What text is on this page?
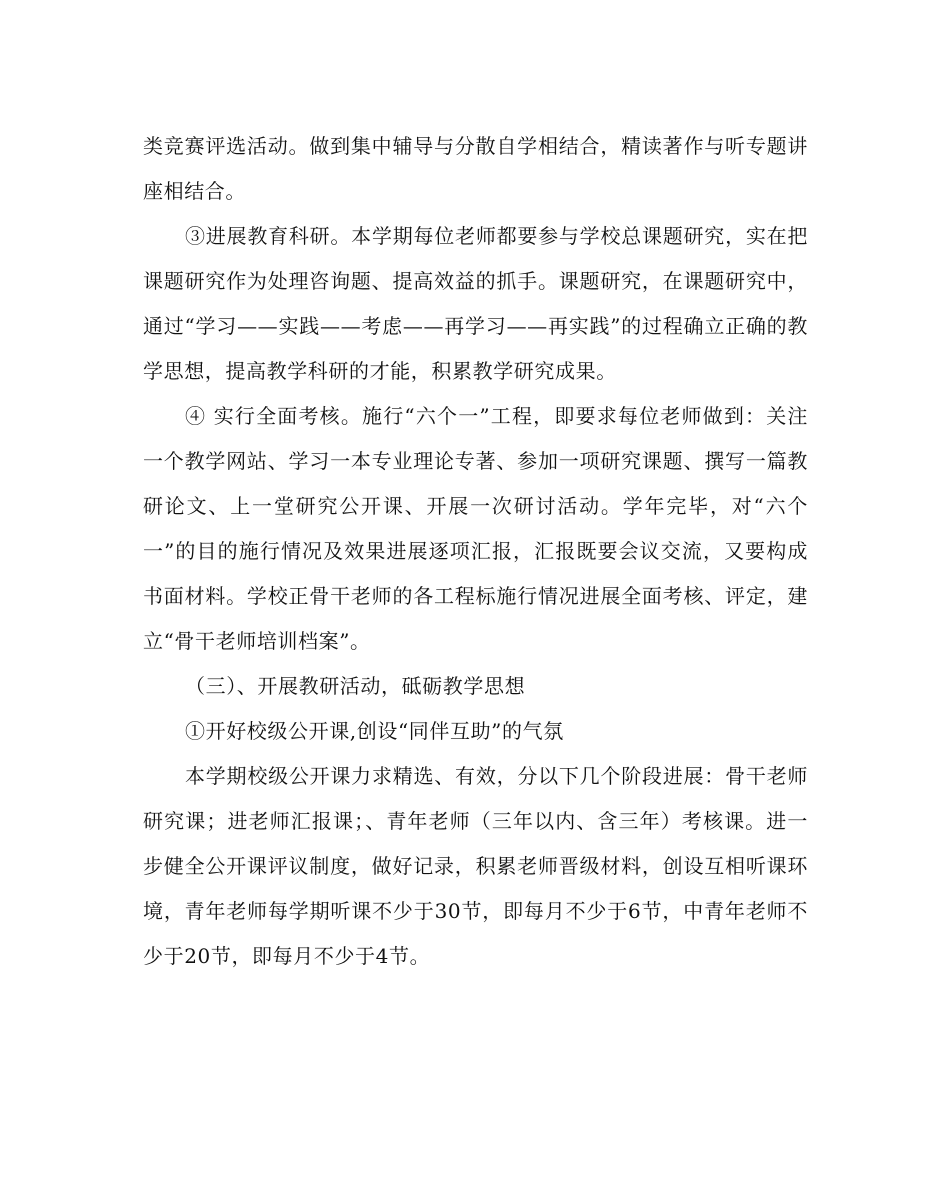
类竞赛评选活动。做到集中辅导与分散自学相结合，精读著作与听专题讲座相结合。

③进展教育科研。本学期每位老师都要参与学校总课题研究，实在把课题研究作为处理咨询题、提高效益的抓手。课题研究，在课题研究中，通过“学习——实践——考虑——再学习——再实践”的过程确立正确的教学思想，提高教学科研的才能，积累教学研究成果。

④ 实行全面考核。施行“六个一”工程，即要求每位老师做到：关注一个教学网站、学习一本专业理论专著、参加一项研究课题、撰写一篇教研论文、上一堂研究公开课、开展一次研讨活动。学年完毕，对“六个一”的目的施行情况及效果进展逐项汇报，汇报既要会议交流，又要构成书面材料。学校正骨干老师的各工程标施行情况进展全面考核、评定，建立“骨干老师培训档案”。

（三）、开展教研活动，砥砺教学思想

①开好校级公开课,创设“同伴互助”的气氛

本学期校级公开课力求精选、有效，分以下几个阶段进展：骨干老师研究课；进老师汇报课；、青年老师（三年以内、含三年）考核课。进一步健全公开课评议制度，做好记录，积累老师晋级材料，创设互相听课环境，青年老师每学期听课不少于30节，即每月不少于6节，中青年老师不少于20节，即每月不少于4节。
